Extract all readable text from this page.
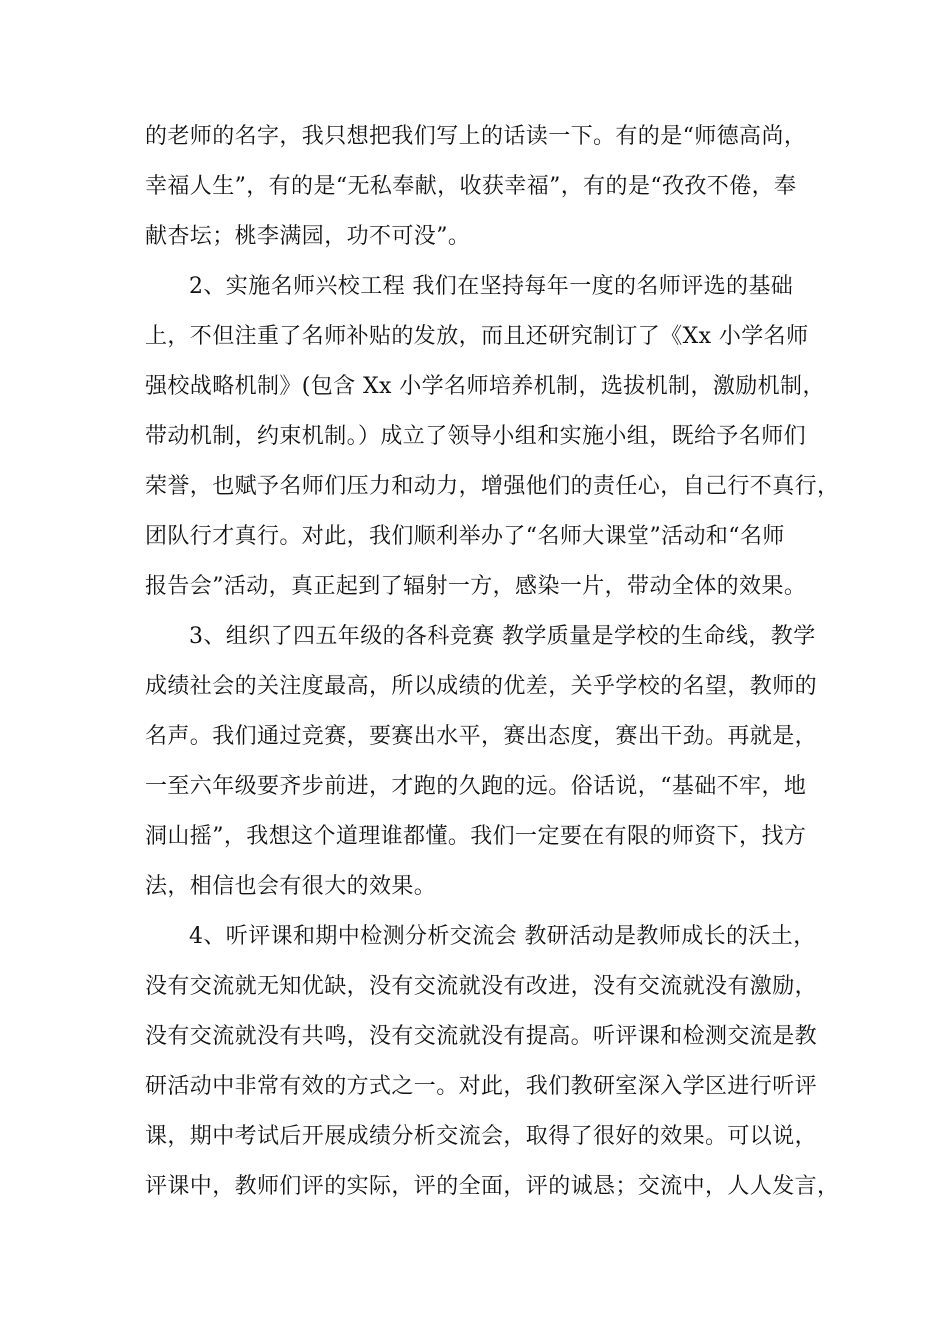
的老师的名字，我只想把我们写上的话读一下。有的是“师德高尚，
幸福人生”，有的是“无私奉献，收获幸福”，有的是“孜孜不倦，奉
献杏坛；桃李满园，功不可没”。
2、实施名师兴校工程 我们在坚持每年一度的名师评选的基础
上，不但注重了名师补贴的发放，而且还研究制订了《Xx 小学名师
强校战略机制》(包含 Xx 小学名师培养机制，选拔机制，激励机制，
带动机制，约束机制。）成立了领导小组和实施小组，既给予名师们
荣誉，也赋予名师们压力和动力，增强他们的责任心，自己行不真行，
团队行才真行。对此，我们顺利举办了“名师大课堂”活动和“名师
报告会”活动，真正起到了辐射一方，感染一片，带动全体的效果。
3、组织了四五年级的各科竞赛 教学质量是学校的生命线，教学
成绩社会的关注度最高，所以成绩的优差，关乎学校的名望，教师的
名声。我们通过竞赛，要赛出水平，赛出态度，赛出干劲。再就是，
一至六年级要齐步前进，才跑的久跑的远。俗话说，“基础不牢，地
洞山摇”，我想这个道理谁都懂。我们一定要在有限的师资下，找方
法，相信也会有很大的效果。
4、听评课和期中检测分析交流会 教研活动是教师成长的沃土，
没有交流就无知优缺，没有交流就没有改进，没有交流就没有激励，
没有交流就没有共鸣，没有交流就没有提高。听评课和检测交流是教
研活动中非常有效的方式之一。对此，我们教研室深入学区进行听评
课，期中考试后开展成绩分析交流会，取得了很好的效果。可以说，
评课中，教师们评的实际，评的全面，评的诚恳；交流中，人人发言，
